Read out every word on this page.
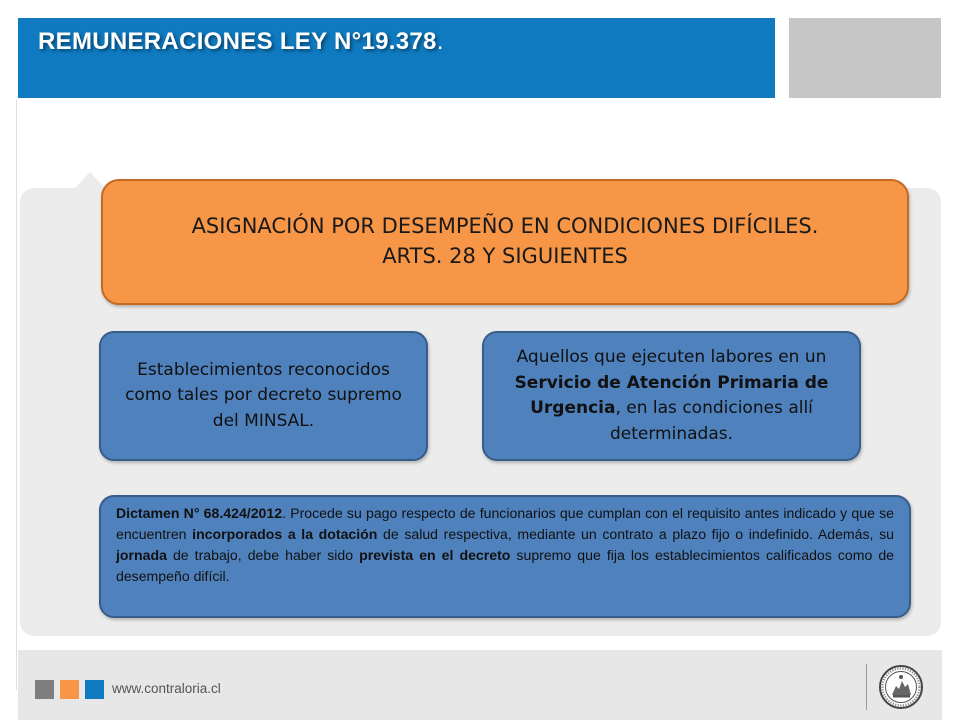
REMUNERACIONES LEY N°19.378.
ASIGNACIÓN POR DESEMPEÑO EN CONDICIONES DIFÍCILES.
ARTS. 28 Y SIGUIENTES
Establecimientos reconocidos como tales por decreto supremo del MINSAL.
Aquellos que ejecuten labores en un Servicio de Atención Primaria de Urgencia, en las condiciones allí determinadas.
Dictamen N° 68.424/2012. Procede su pago respecto de funcionarios que cumplan con el requisito antes indicado y que se encuentren incorporados a la dotación de salud respectiva, mediante un contrato a plazo fijo o indefinido. Además, su jornada de trabajo, debe haber sido prevista en el decreto supremo que fija los establecimientos calificados como de desempeño difícil.
www.contraloria.cl
